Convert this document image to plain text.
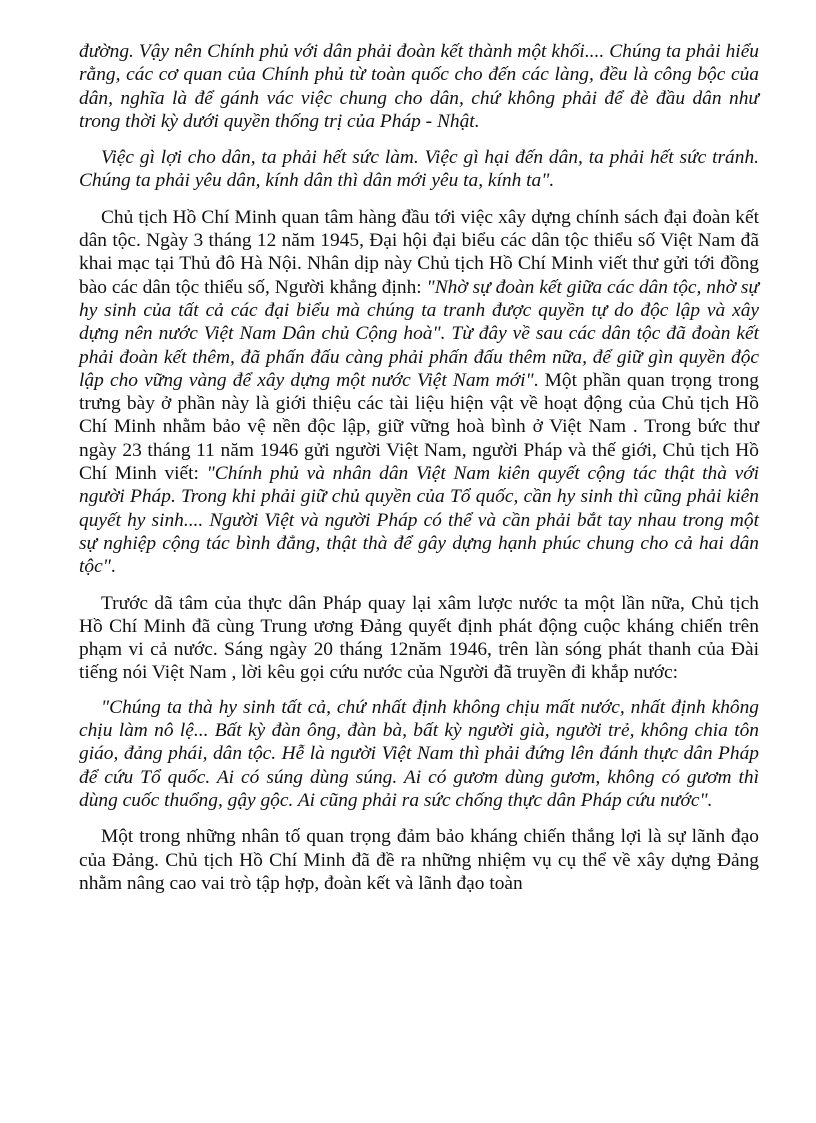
đường. Vậy nên Chính phủ với dân phải đoàn kết thành một khối.... Chúng ta phải hiểu rằng, các cơ quan của Chính phủ từ toàn quốc cho đến các làng, đều là công bộc của dân, nghĩa là để gánh vác việc chung cho dân, chứ không phải để đè đầu dân như trong thời kỳ dưới quyền thống trị của Pháp - Nhật.

Việc gì lợi cho dân, ta phải hết sức làm. Việc gì hại đến dân, ta phải hết sức tránh. Chúng ta phải yêu dân, kính dân thì dân mới yêu ta, kính ta".

Chủ tịch Hồ Chí Minh quan tâm hàng đầu tới việc xây dựng chính sách đại đoàn kết dân tộc. Ngày 3 tháng 12 năm 1945, Đại hội đại biểu các dân tộc thiểu số Việt Nam đã khai mạc tại Thủ đô Hà Nội. Nhân dịp này Chủ tịch Hồ Chí Minh viết thư gửi tới đồng bào các dân tộc thiểu số, Người khẳng định: "Nhờ sự đoàn kết giữa các dân tộc, nhờ sự hy sinh của tất cả các đại biểu mà chúng ta tranh được quyền tự do độc lập và xây dựng nên nước Việt Nam Dân chủ Cộng hoà". Từ đây về sau các dân tộc đã đoàn kết phải đoàn kết thêm, đã phấn đấu càng phải phấn đấu thêm nữa, để giữ gìn quyền độc lập cho vững vàng để xây dựng một nước Việt Nam mới". Một phần quan trọng trong trưng bày ở phần này là giới thiệu các tài liệu hiện vật về hoạt động của Chủ tịch Hồ Chí Minh nhằm bảo vệ nền độc lập, giữ vững hoà bình ở Việt Nam . Trong bức thư ngày 23 tháng 11 năm 1946 gửi người Việt Nam, người Pháp và thế giới, Chủ tịch Hồ Chí Minh viết: "Chính phủ và nhân dân Việt Nam kiên quyết cộng tác thật thà với người Pháp. Trong khi phải giữ chủ quyền của Tổ quốc, cần hy sinh thì cũng phải kiên quyết hy sinh.... Người Việt và người Pháp có thể và cần phải bắt tay nhau trong một sự nghiệp cộng tác bình đẳng, thật thà để gây dựng hạnh phúc chung cho cả hai dân tộc".

Trước dã tâm của thực dân Pháp quay lại xâm lược nước ta một lần nữa, Chủ tịch Hồ Chí Minh đã cùng Trung ương Đảng quyết định phát động cuộc kháng chiến trên phạm vi cả nước. Sáng ngày 20 tháng 12năm 1946, trên làn sóng phát thanh của Đài tiếng nói Việt Nam , lời kêu gọi cứu nước của Người đã truyền đi khắp nước:

"Chúng ta thà hy sinh tất cả, chứ nhất định không chịu mất nước, nhất định không chịu làm nô lệ... Bất kỳ đàn ông, đàn bà, bất kỳ người già, người trẻ, không chia tôn giáo, đảng phái, dân tộc. Hễ là người Việt Nam thì phải đứng lên đánh thực dân Pháp để cứu Tổ quốc. Ai có súng dùng súng. Ai có gươm dùng gươm, không có gươm thì dùng cuốc thuổng, gậy gộc. Ai cũng phải ra sức chống thực dân Pháp cứu nước".

Một trong những nhân tố quan trọng đảm bảo kháng chiến thắng lợi là sự lãnh đạo của Đảng. Chủ tịch Hồ Chí Minh đã đề ra những nhiệm vụ cụ thể về xây dựng Đảng nhằm nâng cao vai trò tập hợp, đoàn kết và lãnh đạo toàn
